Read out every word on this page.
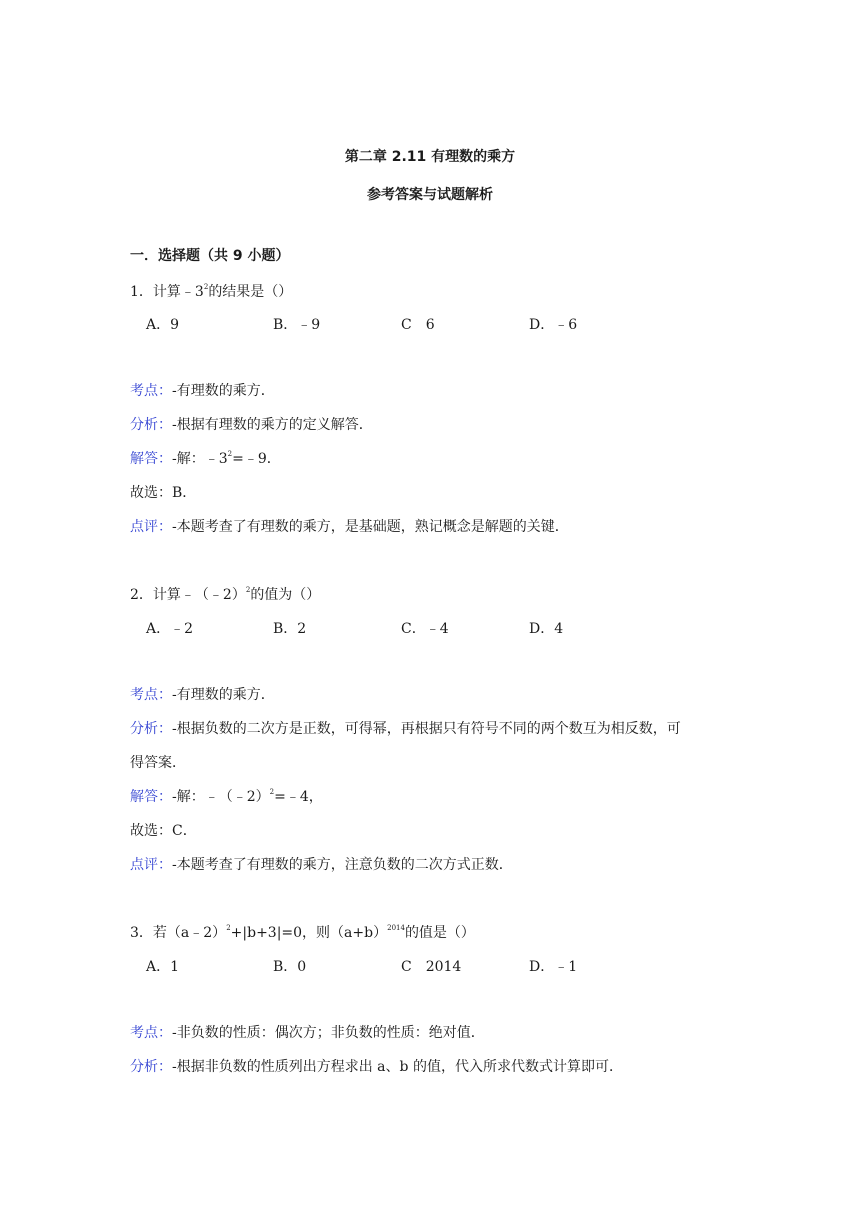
第二章 2.11 有理数的乘方
参考答案与试题解析
一．选择题（共 9 小题）
1．计算$﹣3^2$的结果是（）
A．9	B．﹣9	C　6	D．﹣6
考点：-有理数的乘方．
分析：-根据有理数的乘方的定义解答．
解答：-解：$﹣3^2=﹣9$．
故选：B．
点评：-本题考查了有理数的乘方，是基础题，熟记概念是解题的关键．
2．计算﹣（﹣2）$^2$的值为（）
A．﹣2	B．2	C．﹣4	D．4
考点：-有理数的乘方．
分析：-根据负数的二次方是正数，可得幂，再根据只有符号不同的两个数互为相反数，可
得答案．
解答：-解：﹣（﹣2）$^2$=﹣4，
故选：C．
点评：-本题考查了有理数的乘方，注意负数的二次方式正数．
3．若（a﹣2）$^2$+|b+3|=0，则$(a+b)^{2014}$的值是（）
A．1	B．0	C　2014	D．﹣1
考点：-非负数的性质：偶次方；非负数的性质：绝对值．
分析：-根据非负数的性质列出方程求出 a、b 的值，代入所求代数式计算即可．
